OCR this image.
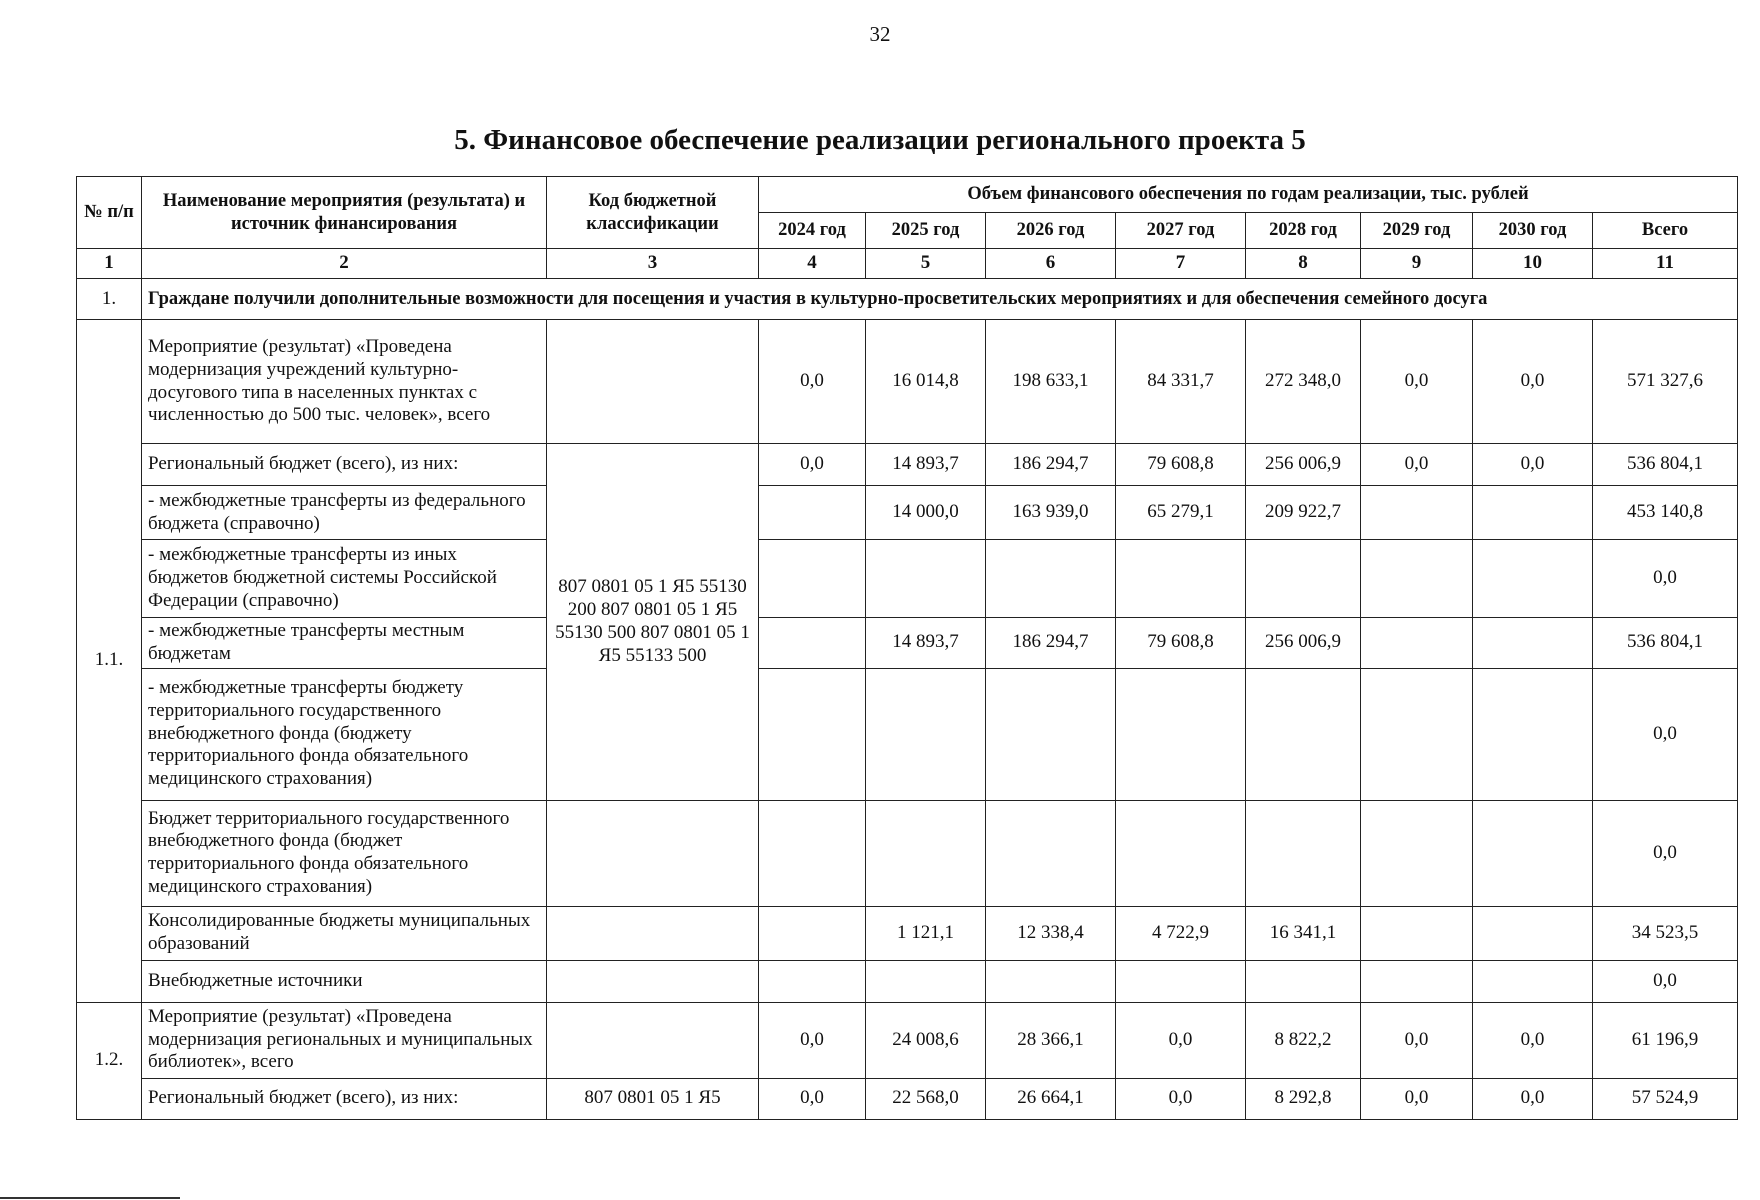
32
5. Финансовое обеспечение реализации регионального проекта 5
№ п/п	Наименование мероприятия (результата) и источник финансирования	Код бюджетной классификации	Объем финансового обеспечения по годам реализации, тыс. рублей							
			2024 год	2025 год	2026 год	2027 год	2028 год	2029 год	2030 год	Всего
1	2	3	4	5	6	7	8	9	10	11
1.	Граждане получили дополнительные возможности для посещения и участия в культурно-просветительских мероприятиях и для обеспечения семейного досуга									
1.1.	Мероприятие (результат) «Проведена модернизация учреждений культурно-досугового типа в населенных пунктах с численностью до 500 тыс. человек», всего		0,0	16 014,8	198 633,1	84 331,7	272 348,0	0,0	0,0	571 327,6
	Региональный бюджет (всего), из них:	807 0801 05 1 Я5 55130 200 807 0801 05 1 Я5 55130 500 807 0801 05 1 Я5 55133 500	0,0	14 893,7	186 294,7	79 608,8	256 006,9	0,0	0,0	536 804,1
	- межбюджетные трансферты из федерального бюджета (справочно)			14 000,0	163 939,0	65 279,1	209 922,7			453 140,8
	- межбюджетные трансферты из иных бюджетов бюджетной системы Российской Федерации (справочно)									0,0
	- межбюджетные трансферты местным бюджетам			14 893,7	186 294,7	79 608,8	256 006,9			536 804,1
	- межбюджетные трансферты бюджету территориального государственного внебюджетного фонда (бюджету территориального фонда обязательного медицинского страхования)									0,0
	Бюджет территориального государственного внебюджетного фонда (бюджет территориального фонда обязательного медицинского страхования)									0,0
	Консолидированные бюджеты муниципальных образований			1 121,1	12 338,4	4 722,9	16 341,1			34 523,5
	Внебюджетные источники									0,0
1.2.	Мероприятие (результат) «Проведена модернизация региональных и муниципальных библиотек», всего		0,0	24 008,6	28 366,1	0,0	8 822,2	0,0	0,0	61 196,9
	Региональный бюджет (всего), из них:	807 0801 05 1 Я5	0,0	22 568,0	26 664,1	0,0	8 292,8	0,0	0,0	57 524,9
